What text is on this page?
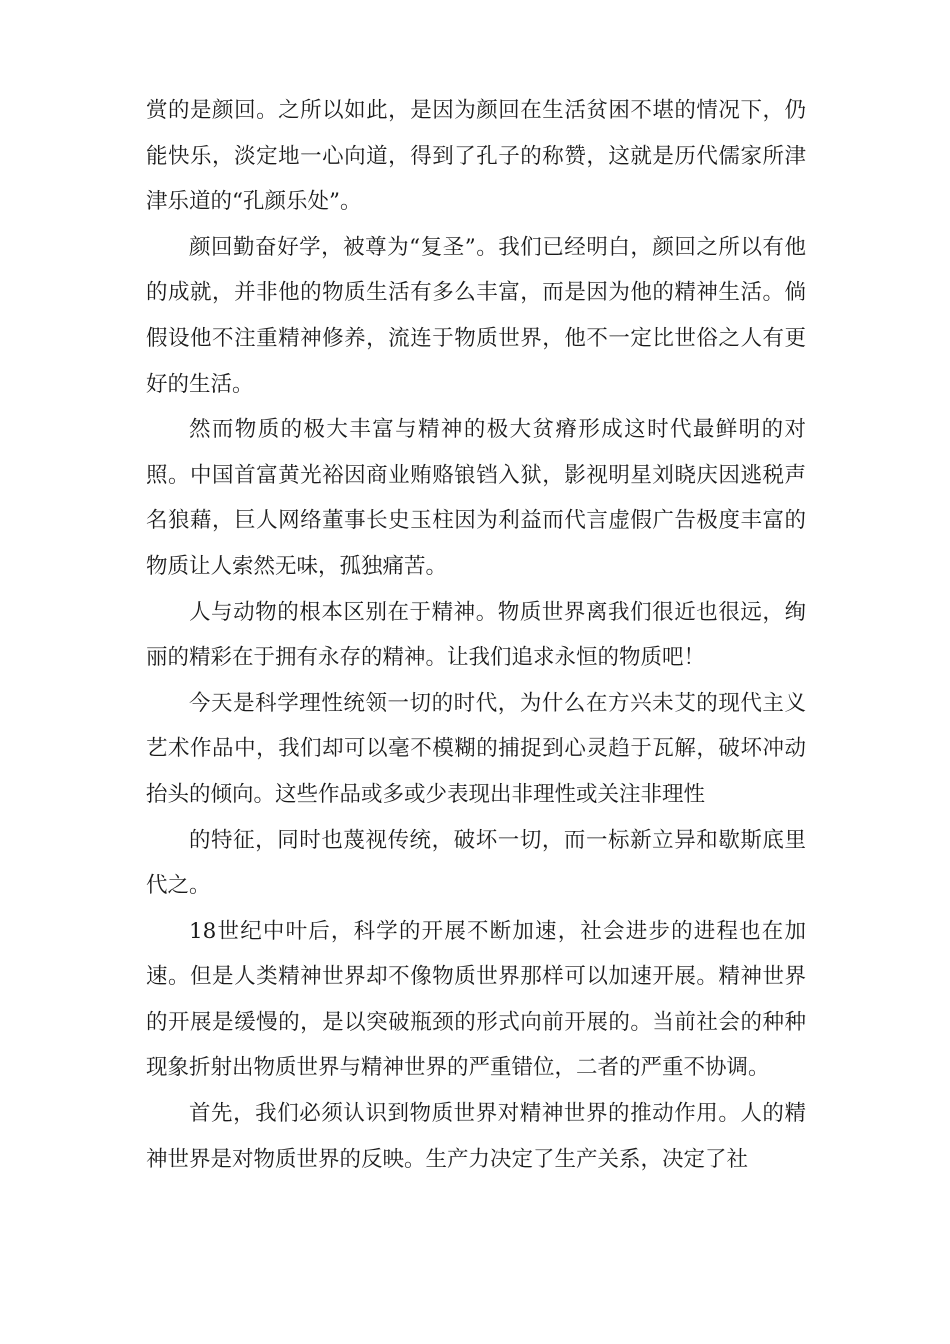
赏的是颜回。之所以如此，是因为颜回在生活贫困不堪的情况下，仍能快乐，淡定地一心向道，得到了孔子的称赞，这就是历代儒家所津津乐道的“孔颜乐处”。

颜回勤奋好学，被尊为“复圣”。我们已经明白，颜回之所以有他的成就，并非他的物质生活有多么丰富，而是因为他的精神生活。倘假设他不注重精神修养，流连于物质世界，他不一定比世俗之人有更好的生活。

然而物质的极大丰富与精神的极大贫瘠形成这时代最鲜明的对照。中国首富黄光裕因商业贿赂锒铛入狱，影视明星刘晓庆因逃税声名狼藉，巨人网络董事长史玉柱因为利益而代言虚假广告极度丰富的物质让人索然无味，孤独痛苦。

人与动物的根本区别在于精神。物质世界离我们很近也很远，绚丽的精彩在于拥有永存的精神。让我们追求永恒的物质吧！

今天是科学理性统领一切的时代，为什么在方兴未艾的现代主义艺术作品中，我们却可以毫不模糊的捕捉到心灵趋于瓦解，破坏冲动抬头的倾向。这些作品或多或少表现出非理性或关注非理性

的特征，同时也蔑视传统，破坏一切，而一标新立异和歇斯底里代之。

18世纪中叶后，科学的开展不断加速，社会进步的进程也在加速。但是人类精神世界却不像物质世界那样可以加速开展。精神世界的开展是缓慢的，是以突破瓶颈的形式向前开展的。当前社会的种种现象折射出物质世界与精神世界的严重错位，二者的严重不协调。

首先，我们必须认识到物质世界对精神世界的推动作用。人的精神世界是对物质世界的反映。生产力决定了生产关系，决定了社
